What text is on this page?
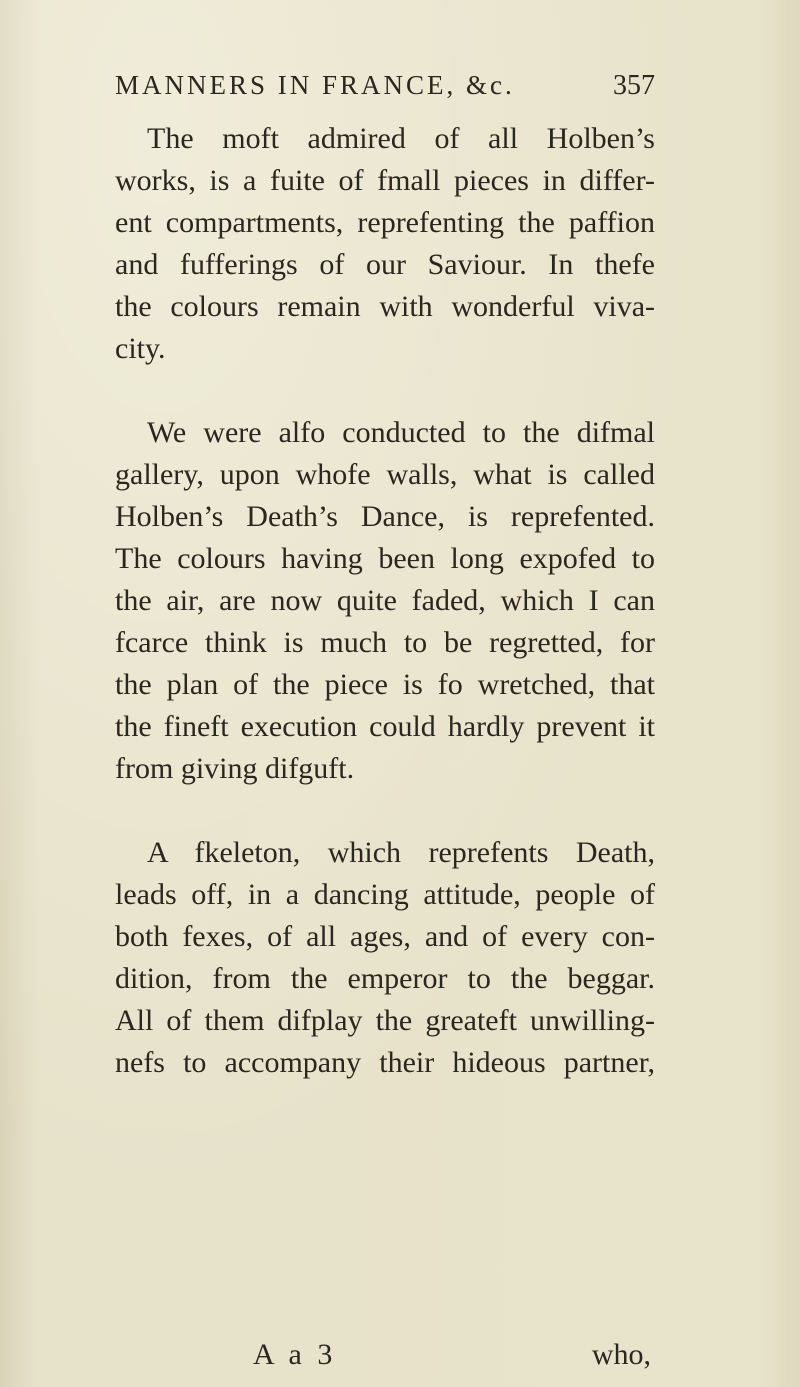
MANNERS IN FRANCE, &c.	357
The moft admired of all Holben’s
works, is a fuite of fmall pieces in differ-
ent compartments, reprefenting the paffion
and fufferings of our Saviour. In thefe
the colours remain with wonderful viva-
city.
We were alfo conducted to the difmal
gallery, upon whofe walls, what is called
Holben’s Death’s Dance, is reprefented.
The colours having been long expofed to
the air, are now quite faded, which I can
fcarce think is much to be regretted, for
the plan of the piece is fo wretched, that
the fineft execution could hardly prevent it
from giving difguft.
A fkeleton, which reprefents Death,
leads off, in a dancing attitude, people of
both fexes, of all ages, and of every con-
dition, from the emperor to the beggar.
All of them difplay the greateft unwilling-
nefs to accompany their hideous partner,
A a 3	who,
